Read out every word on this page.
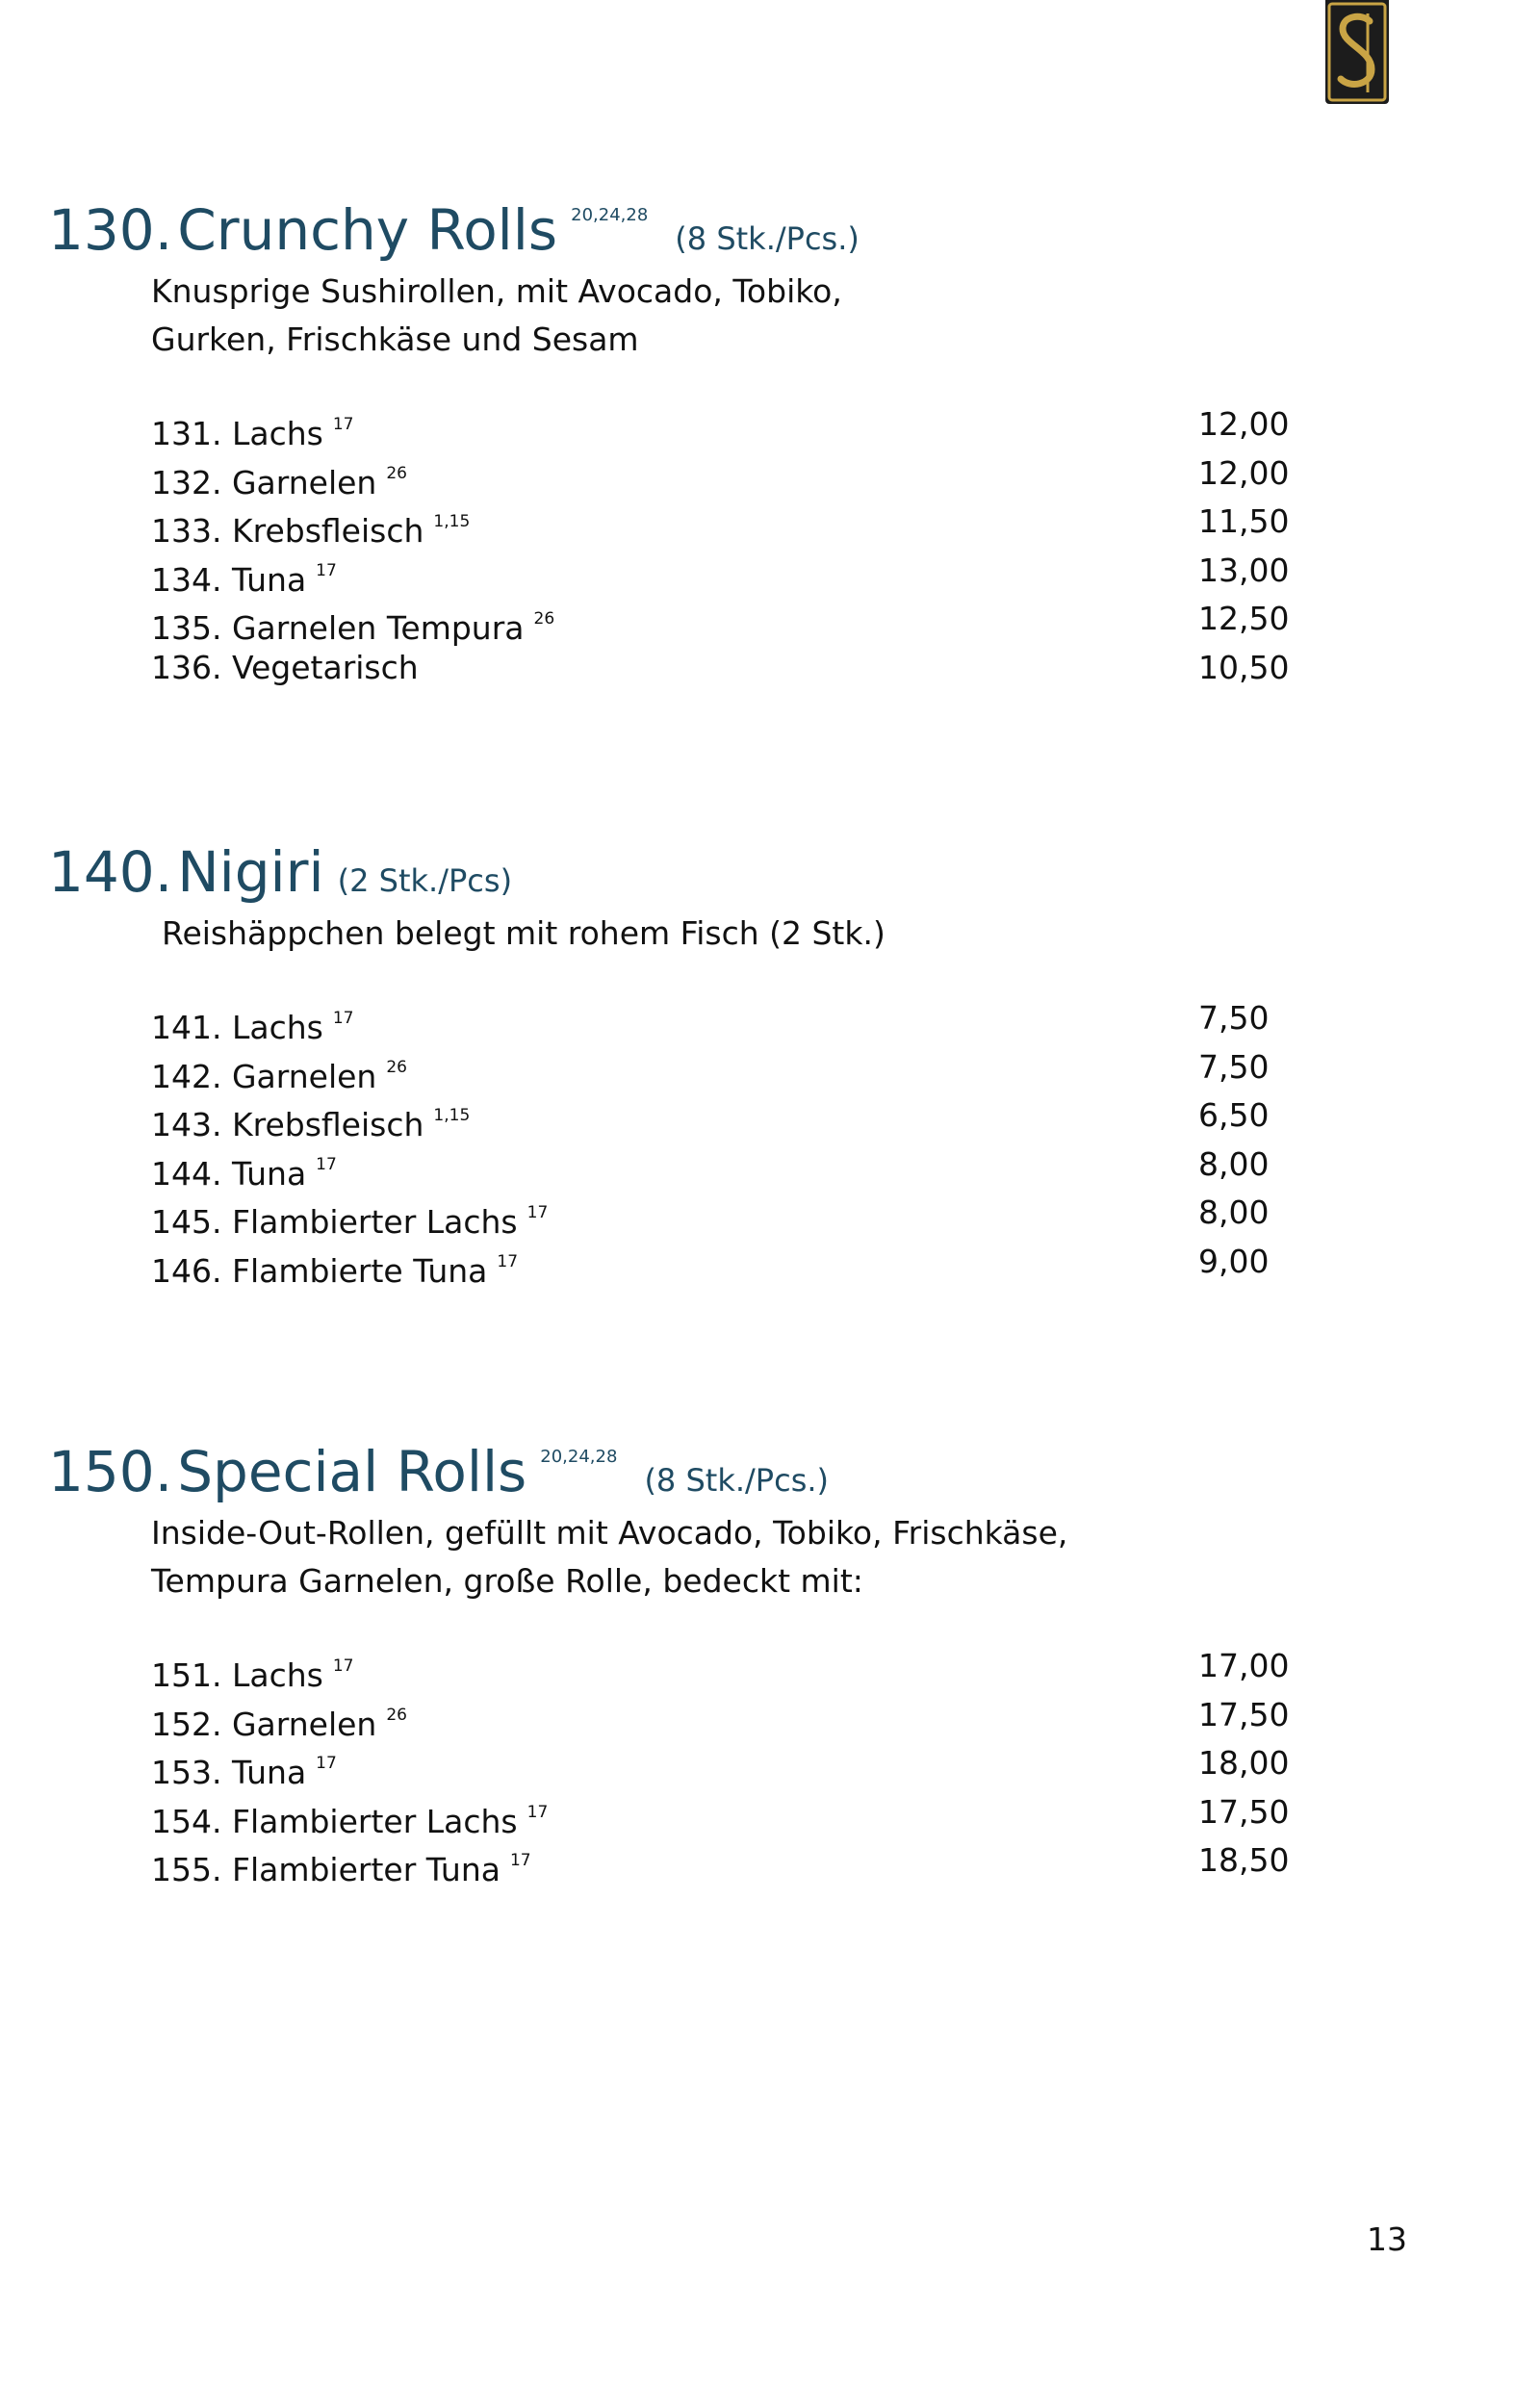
130. Crunchy Rolls 20,24,28(8 Stk./Pcs.)
Knusprige Sushirollen, mit Avocado, Tobiko,
Gurken, Frischkäse und Sesam
131. Lachs $^{17}$	12,00
132. Garnelen $^{26}$	12,00
133. Krebsfleisch $^{1,15}$	11,50
134. Tuna $^{17}$	13,00
135. Garnelen Tempura $^{26}$	12,50
136. Vegetarisch	10,50
140. Nigiri (2 Stk./Pcs)
Reishäppchen belegt mit rohem Fisch (2 Stk.)
141. Lachs $^{17}$	7,50
142. Garnelen $^{26}$	7,50
143. Krebsfleisch $^{1,15}$	6,50
144. Tuna $^{17}$	8,00
145. Flambierter Lachs $^{17}$	8,00
146. Flambierte Tuna $^{17}$	9,00
150. Special Rolls 20,24,28(8 Stk./Pcs.)
Inside-Out-Rollen, gefüllt mit Avocado, Tobiko, Frischkäse,
Tempura Garnelen, große Rolle, bedeckt mit:
151. Lachs $^{17}$	17,00
152. Garnelen $^{26}$	17,50
153. Tuna $^{17}$	18,00
154. Flambierter Lachs $^{17}$	17,50
155. Flambierter Tuna $^{17}$	18,50
13
